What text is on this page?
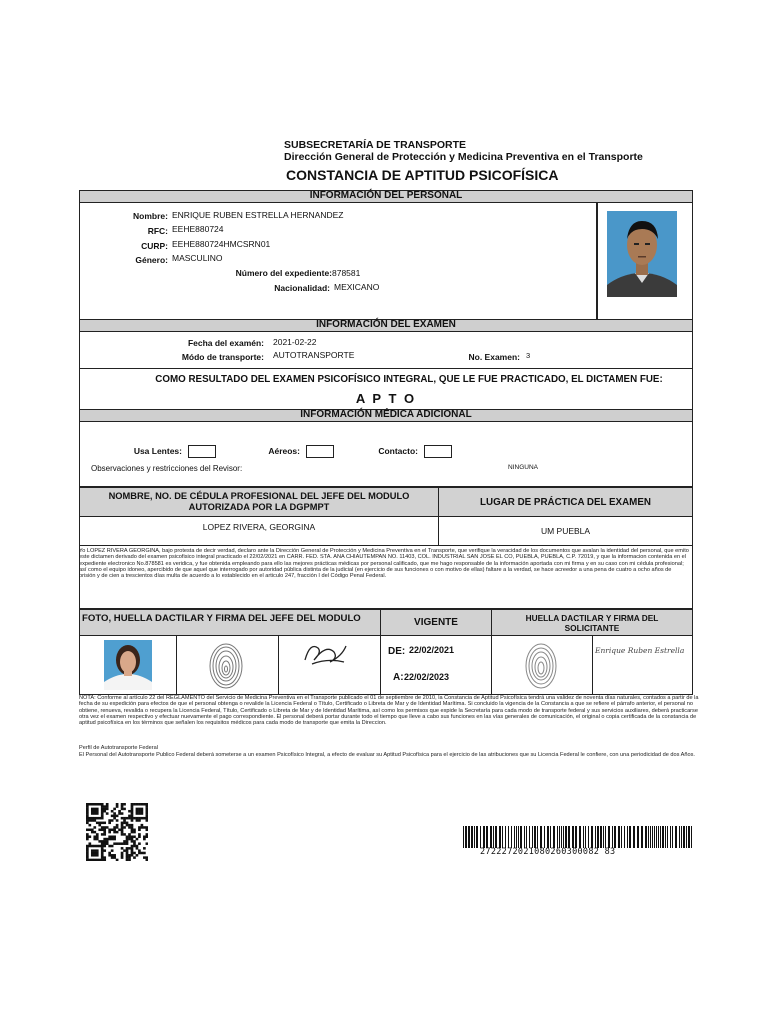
SUBSECRETARÍA DE TRANSPORTE
Dirección General de Protección y Medicina Preventiva en el Transporte
CONSTANCIA DE APTITUD PSICOFÍSICA
INFORMACIÓN DEL PERSONAL
Nombre: ENRIQUE RUBEN ESTRELLA HERNANDEZ
RFC: EEHE880724
CURP: EEHE880724HMCSRN01
Género: MASCULINO
Número del expediente: 878581
Nacionalidad: MEXICANO
INFORMACIÓN DEL EXAMEN
Fecha del examén: 2021-02-22
Módo de transporte: AUTOTRANSPORTE	No. Examen: 3
COMO RESULTADO DEL EXAMEN PSICOFÍSICO INTEGRAL, QUE LE FUE PRACTICADO, EL DICTAMEN FUE:
A P T O
INFORMACIÓN MÉDICA ADICIONAL
Usa Lentes:	Aéreos:	Contacto:
Observaciones y restricciones del Revisor:	NINGUNA
NOMBRE, NO. DE CÉDULA PROFESIONAL DEL JEFE DEL MODULO AUTORIZADA POR LA DGPMPT	LUGAR DE PRÁCTICA DEL EXAMEN
LOPEZ RIVERA, GEORGINA	UM PUEBLA
Yo LOPEZ RIVERA GEORGINA, bajo protesta de decir verdad, declaro ante la Dirección General de Protección y Medicina Preventiva en el Transporte, que verifique la veracidad de los documentos que avalan la identidad del personal, que emito este dictamen derivado del examen psicofisico integral practicado el 22/02/2021 en CARR. FED. STA. ANA CHIAUTEMPAN NO. 11403, COL. INDUSTRIAL SAN JOSE EL CO, PUEBLA, PUEBLA, C.P. 72019, y que la informacion contenida en el expediente electronico No.878581 es veridica, y fue obtenida empleando para ello las mejores prácticas médicas por personal calificado, que me hago responsable de la información aportada con mi firma y en su caso con mi cédula profesional; así como el equipo idoneo, apercibido de que aquel que interrogado por autoridad pública distinta de la judicial (en ejercicio de sus funciones o con motivo de ellas) faltare a la verdad, se hace acreedor a una pena de cuatro a ocho años de prisión y de cien a trescientos días multa de acuerdo a lo establecido en el articulo 247, fracción I del Código Penal Federal.
FOTO, HUELLA DACTILAR Y FIRMA DEL JEFE DEL MODULO	VIGENTE	HUELLA DACTILAR Y FIRMA DEL SOLICITANTE
DE: 22/02/2021
A: 22/02/2023
Enrique Ruben Estrella
NOTA: Conforme al artículo 22 del REGLAMENTO del Servicio de Medicina Preventiva en el Transporte publicado el 01 de septiembre de 2010, la Constancia de Aptitud Psicofísica tendrá una validez de noventa días naturales, contados a partir de la fecha de su expedición para efectos de que el personal obtenga o revalide la Licencia Federal o Título, Certificado o Libreta de Mar y de Identidad Marítima. Si concluido la vigencia de la Constancia a que se refiere el párrafo anterior, el personal no obtiene, renueva, revalida o recupera la Licencia Federal, Título, Certificado o Libreta de Mar y de Identidad Marítima, así como los permisos que expide la Secretaría para cada modo de transporte federal y sus servicios auxiliares, deberá practicarse otra vez el examen respectivo y efectuar nuevamente el pago correspondiente. El personal deberá portar durante todo el tiempo que lleve a cabo sus funciones en las vías generales de comunicación, el original o copia certificada de la constancia de aptitud psicofísica en los términos que señalen los requisitos médicos para cada modo de transporte que emita la Direccion.
Perfil de Autotransporte Federal
El Personal del Autotransporte Publico Federal deberá someterse a un examen Psicofísico Integral, a efecto de evaluar su Aptitud Psicofísica para el ejercicio de las atribuciones que su Licencia Federal le confiere, con una periodicidad de dos Años.
2722272021080260300082 83
